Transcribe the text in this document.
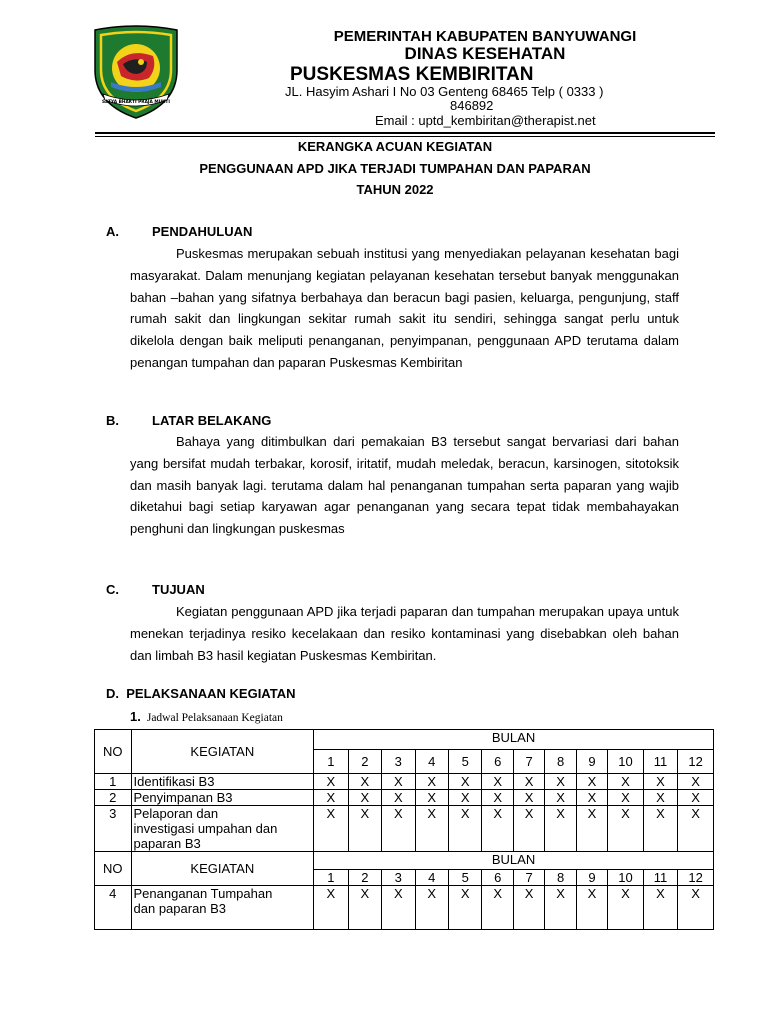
SATYA BHAKTI PRAJA MUKTI
PEMERINTAH KABUPATEN BANYUWANGI
DINAS KESEHATAN
PUSKESMAS KEMBIRITAN
JL. Hasyim Ashari I No 03 Genteng 68465 Telp ( 0333 )
846892
Email : uptd_kembiritan@therapist.net
KERANGKA ACUAN KEGIATAN
PENGGUNAAN APD JIKA TERJADI TUMPAHAN DAN PAPARAN
TAHUN 2022
A.	PENDAHULUAN

Puskesmas merupakan sebuah institusi yang menyediakan pelayanan kesehatan bagi masyarakat. Dalam menunjang kegiatan pelayanan kesehatan tersebut banyak menggunakan bahan –bahan yang sifatnya berbahaya dan beracun bagi pasien, keluarga, pengunjung, staff rumah sakit dan lingkungan sekitar rumah sakit itu sendiri, sehingga sangat perlu untuk dikelola dengan baik meliputi penanganan, penyimpanan, penggunaan APD terutama dalam penangan tumpahan dan paparan Puskesmas Kembiritan

B.	LATAR BELAKANG

Bahaya yang ditimbulkan dari pemakaian B3 tersebut sangat bervariasi dari bahan yang bersifat mudah terbakar, korosif, iritatif, mudah meledak, beracun, karsinogen, sitotoksik dan masih banyak lagi. terutama dalam hal penanganan tumpahan serta paparan yang wajib diketahui bagi setiap karyawan agar penanganan yang secara tepat tidak membahayakan penghuni dan lingkungan puskesmas

C.	TUJUAN

Kegiatan penggunaan APD jika terjadi paparan dan tumpahan merupakan upaya untuk menekan terjadinya resiko kecelakaan dan resiko kontaminasi yang disebabkan oleh bahan dan limbah B3 hasil kegiatan Puskesmas Kembiritan.

D. PELAKSANAAN KEGIATAN
1. Jadwal Pelaksanaan Kegiatan
NO	KEGIATAN	BULAN											
		1	2	3	4	5	6	7	8	9	10	11	12
1	Identifikasi B3	X	X	X	X	X	X	X	X	X	X	X	X
2	Penyimpanan B3	X	X	X	X	X	X	X	X	X	X	X	X
3	Pelaporan dan
investigasi umpahan dan
paparan B3	X	X	X	X	X	X	X	X	X	X	X	X
NO	KEGIATAN	BULAN											
		1	2	3	4	5	6	7	8	9	10	11	12
4	Penanganan Tumpahan
dan paparan B3	X	X	X	X	X	X	X	X	X	X	X	X
